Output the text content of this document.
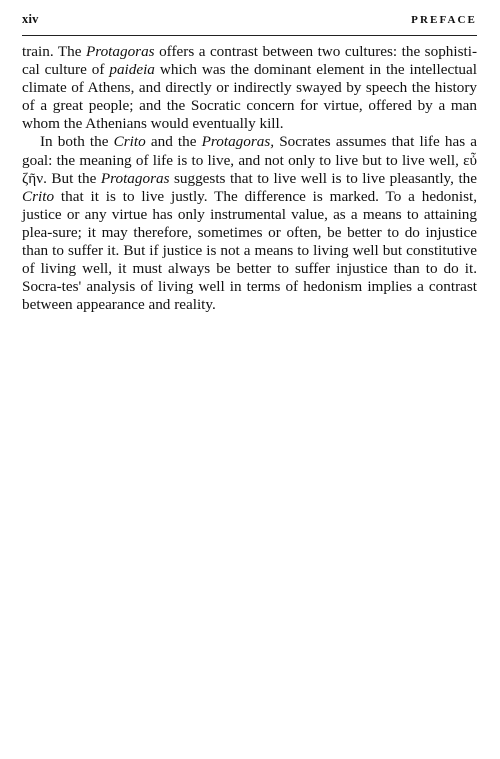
xiv	PREFACE

train. The Protagoras offers a contrast between two cultures: the sophisti-cal culture of paideia which was the dominant element in the intellectual climate of Athens, and directly or indirectly swayed by speech the history of a great people; and the Socratic concern for virtue, offered by a man whom the Athenians would eventually kill.

In both the Crito and the Protagoras, Socrates assumes that life has a goal: the meaning of life is to live, and not only to live but to live well, εὖ ζῆν. But the Protagoras suggests that to live well is to live pleasantly, the Crito that it is to live justly. The difference is marked. To a hedonist, justice or any virtue has only instrumental value, as a means to attaining plea-sure; it may therefore, sometimes or often, be better to do injustice than to suffer it. But if justice is not a means to living well but constitutive of living well, it must always be better to suffer injustice than to do it. Socra-tes' analysis of living well in terms of hedonism implies a contrast between appearance and reality.
